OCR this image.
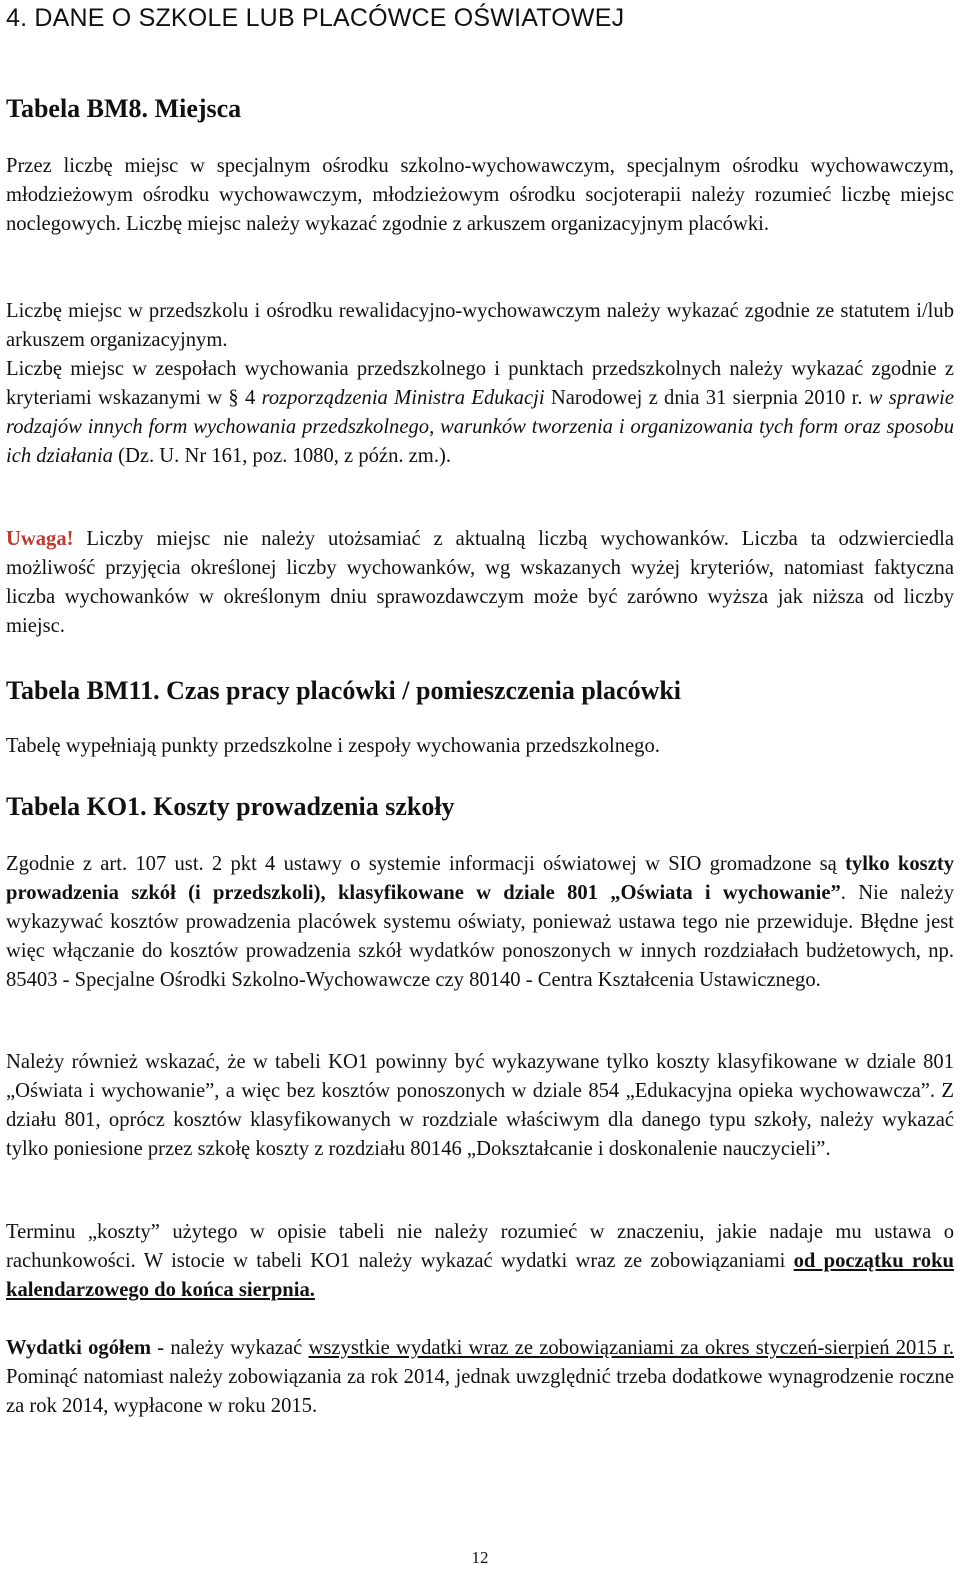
4. DANE O SZKOLE LUB PLACÓWCE OŚWIATOWEJ
Tabela BM8. Miejsca
Przez liczbę miejsc w specjalnym ośrodku szkolno-wychowawczym, specjalnym ośrodku wychowawczym, młodzieżowym ośrodku wychowawczym, młodzieżowym ośrodku socjoterapii należy rozumieć liczbę miejsc noclegowych. Liczbę miejsc należy wykazać zgodnie z arkuszem organizacyjnym placówki.
Liczbę miejsc w przedszkolu i ośrodku rewalidacyjno-wychowawczym należy wykazać zgodnie ze statutem i/lub arkuszem organizacyjnym.
Liczbę miejsc w zespołach wychowania przedszkolnego i punktach przedszkolnych należy wykazać zgodnie z kryteriami wskazanymi w § 4 rozporządzenia Ministra Edukacji Narodowej z dnia 31 sierpnia 2010 r. w sprawie rodzajów innych form wychowania przedszkolnego, warunków tworzenia i organizowania tych form oraz sposobu ich działania (Dz. U. Nr 161, poz. 1080, z późn. zm.).
Uwaga! Liczby miejsc nie należy utożsamiać z aktualną liczbą wychowanków. Liczba ta odzwierciedla możliwość przyjęcia określonej liczby wychowanków, wg wskazanych wyżej kryteriów, natomiast faktyczna liczba wychowanków w określonym dniu sprawozdawczym może być zarówno wyższa jak niższa od liczby miejsc.
Tabela BM11. Czas pracy placówki / pomieszczenia placówki
Tabelę wypełniają punkty przedszkolne i zespoły wychowania przedszkolnego.
Tabela KO1. Koszty prowadzenia szkoły
Zgodnie z art. 107 ust. 2 pkt 4 ustawy o systemie informacji oświatowej w SIO gromadzone są tylko koszty prowadzenia szkół (i przedszkoli), klasyfikowane w dziale 801 „Oświata i wychowanie”. Nie należy wykazywać kosztów prowadzenia placówek systemu oświaty, ponieważ ustawa tego nie przewiduje. Błędne jest więc włączanie do kosztów prowadzenia szkół wydatków ponoszonych w innych rozdziałach budżetowych, np. 85403 - Specjalne Ośrodki Szkolno-Wychowawcze czy 80140 - Centra Kształcenia Ustawicznego.
Należy również wskazać, że w tabeli KO1 powinny być wykazywane tylko koszty klasyfikowane w dziale 801 „Oświata i wychowanie”, a więc bez kosztów ponoszonych w dziale 854 „Edukacyjna opieka wychowawcza”. Z działu 801, oprócz kosztów klasyfikowanych w rozdziale właściwym dla danego typu szkoły, należy wykazać tylko poniesione przez szkołę koszty z rozdziału 80146 „Dokształcanie i doskonalenie nauczycieli”.
Terminu „koszty” użytego w opisie tabeli nie należy rozumieć w znaczeniu, jakie nadaje mu ustawa o rachunkowości. W istocie w tabeli KO1 należy wykazać wydatki wraz ze zobowiązaniami od początku roku kalendarzowego do końca sierpnia.
Wydatki ogółem - należy wykazać wszystkie wydatki wraz ze zobowiązaniami za okres styczeń-sierpień 2015 r. Pominąć natomiast należy zobowiązania za rok 2014, jednak uwzględnić trzeba dodatkowe wynagrodzenie roczne za rok 2014, wypłacone w roku 2015.
12
